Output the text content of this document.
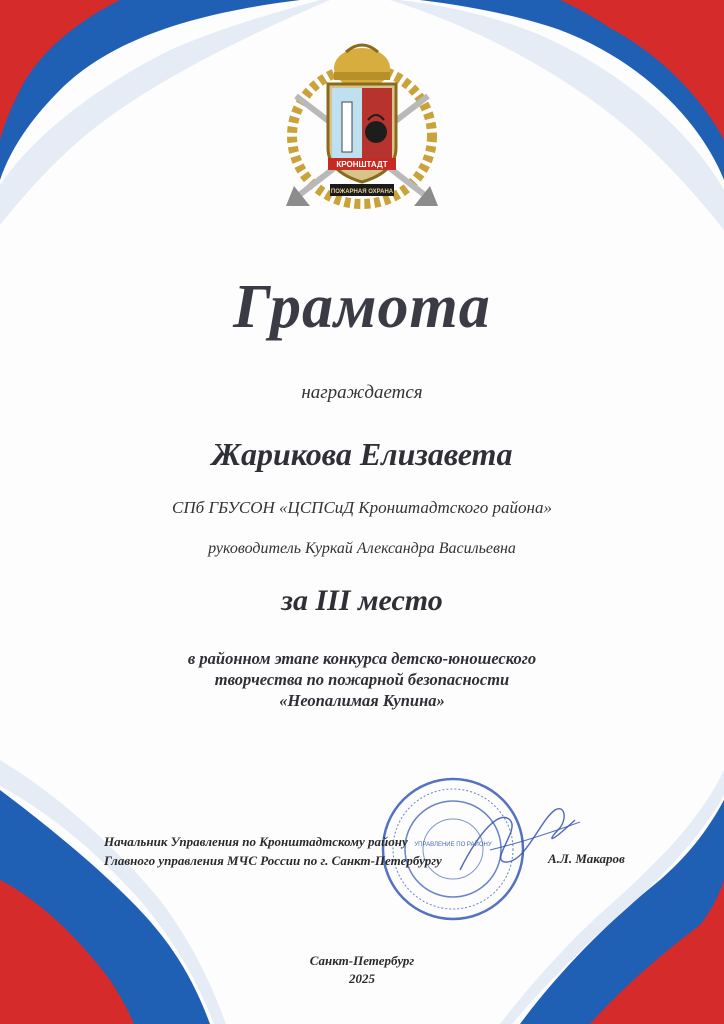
КРОНШТАДТ
ПОЖАРНАЯ ОХРАНА
Грамота
награждается
Жарикова Елизавета
СПб ГБУСОН «ЦСПСиД Кронштадтского района»
руководитель Куркай Александра Васильевна
за III место
в районном этапе конкурса детско-юношеского
творчества по пожарной безопасности
«Неопалимая Купина»
УПРАВЛЕНИЕ ПО РАЙОНУ
Начальник Управления по Кронштадтскому району
Главного управления МЧС России по г. Санкт-Петербургу	А.Л. Макаров
Санкт-Петербург
2025
